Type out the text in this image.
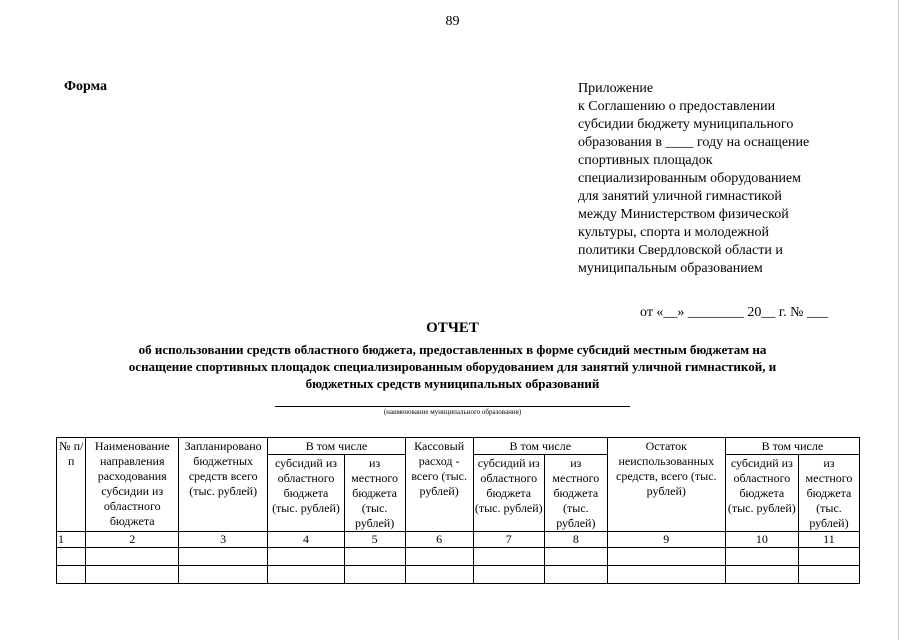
89
Форма	Приложение
к Соглашению о предоставлении
субсидии бюджету муниципального
образования в ____ году на оснащение
спортивных площадок
специализированным оборудованием
для занятий уличной гимнастикой
между Министерством физической
культуры, спорта и молодежной
политики Свердловской области и
муниципальным образованием
от «__» ________ 20__ г. № ___
ОТЧЕТ
об использовании средств областного бюджета, предоставленных в форме субсидий местным бюджетам на
оснащение спортивных площадок специализированным оборудованием для занятий уличной гимнастикой, и
бюджетных средств муниципальных образований
(наименование муниципального образования)
№ п/п	Наименование направления расходования субсидии из областного бюджета	Запланировано бюджетных средств всего (тыс. рублей)	В том числе		Кассовый расход - всего (тыс. рублей)	В том числе		Остаток неиспользованных средств, всего (тыс. рублей)	В том числе	
			субсидий из областного бюджета (тыс. рублей)	из местного бюджета (тыс. рублей)		субсидий из областного бюджета (тыс. рублей)	из местного бюджета (тыс. рублей)		субсидий из областного бюджета (тыс. рублей)	из местного бюджета (тыс. рублей)
1	2	3	4	5	6	7	8	9	10	11
